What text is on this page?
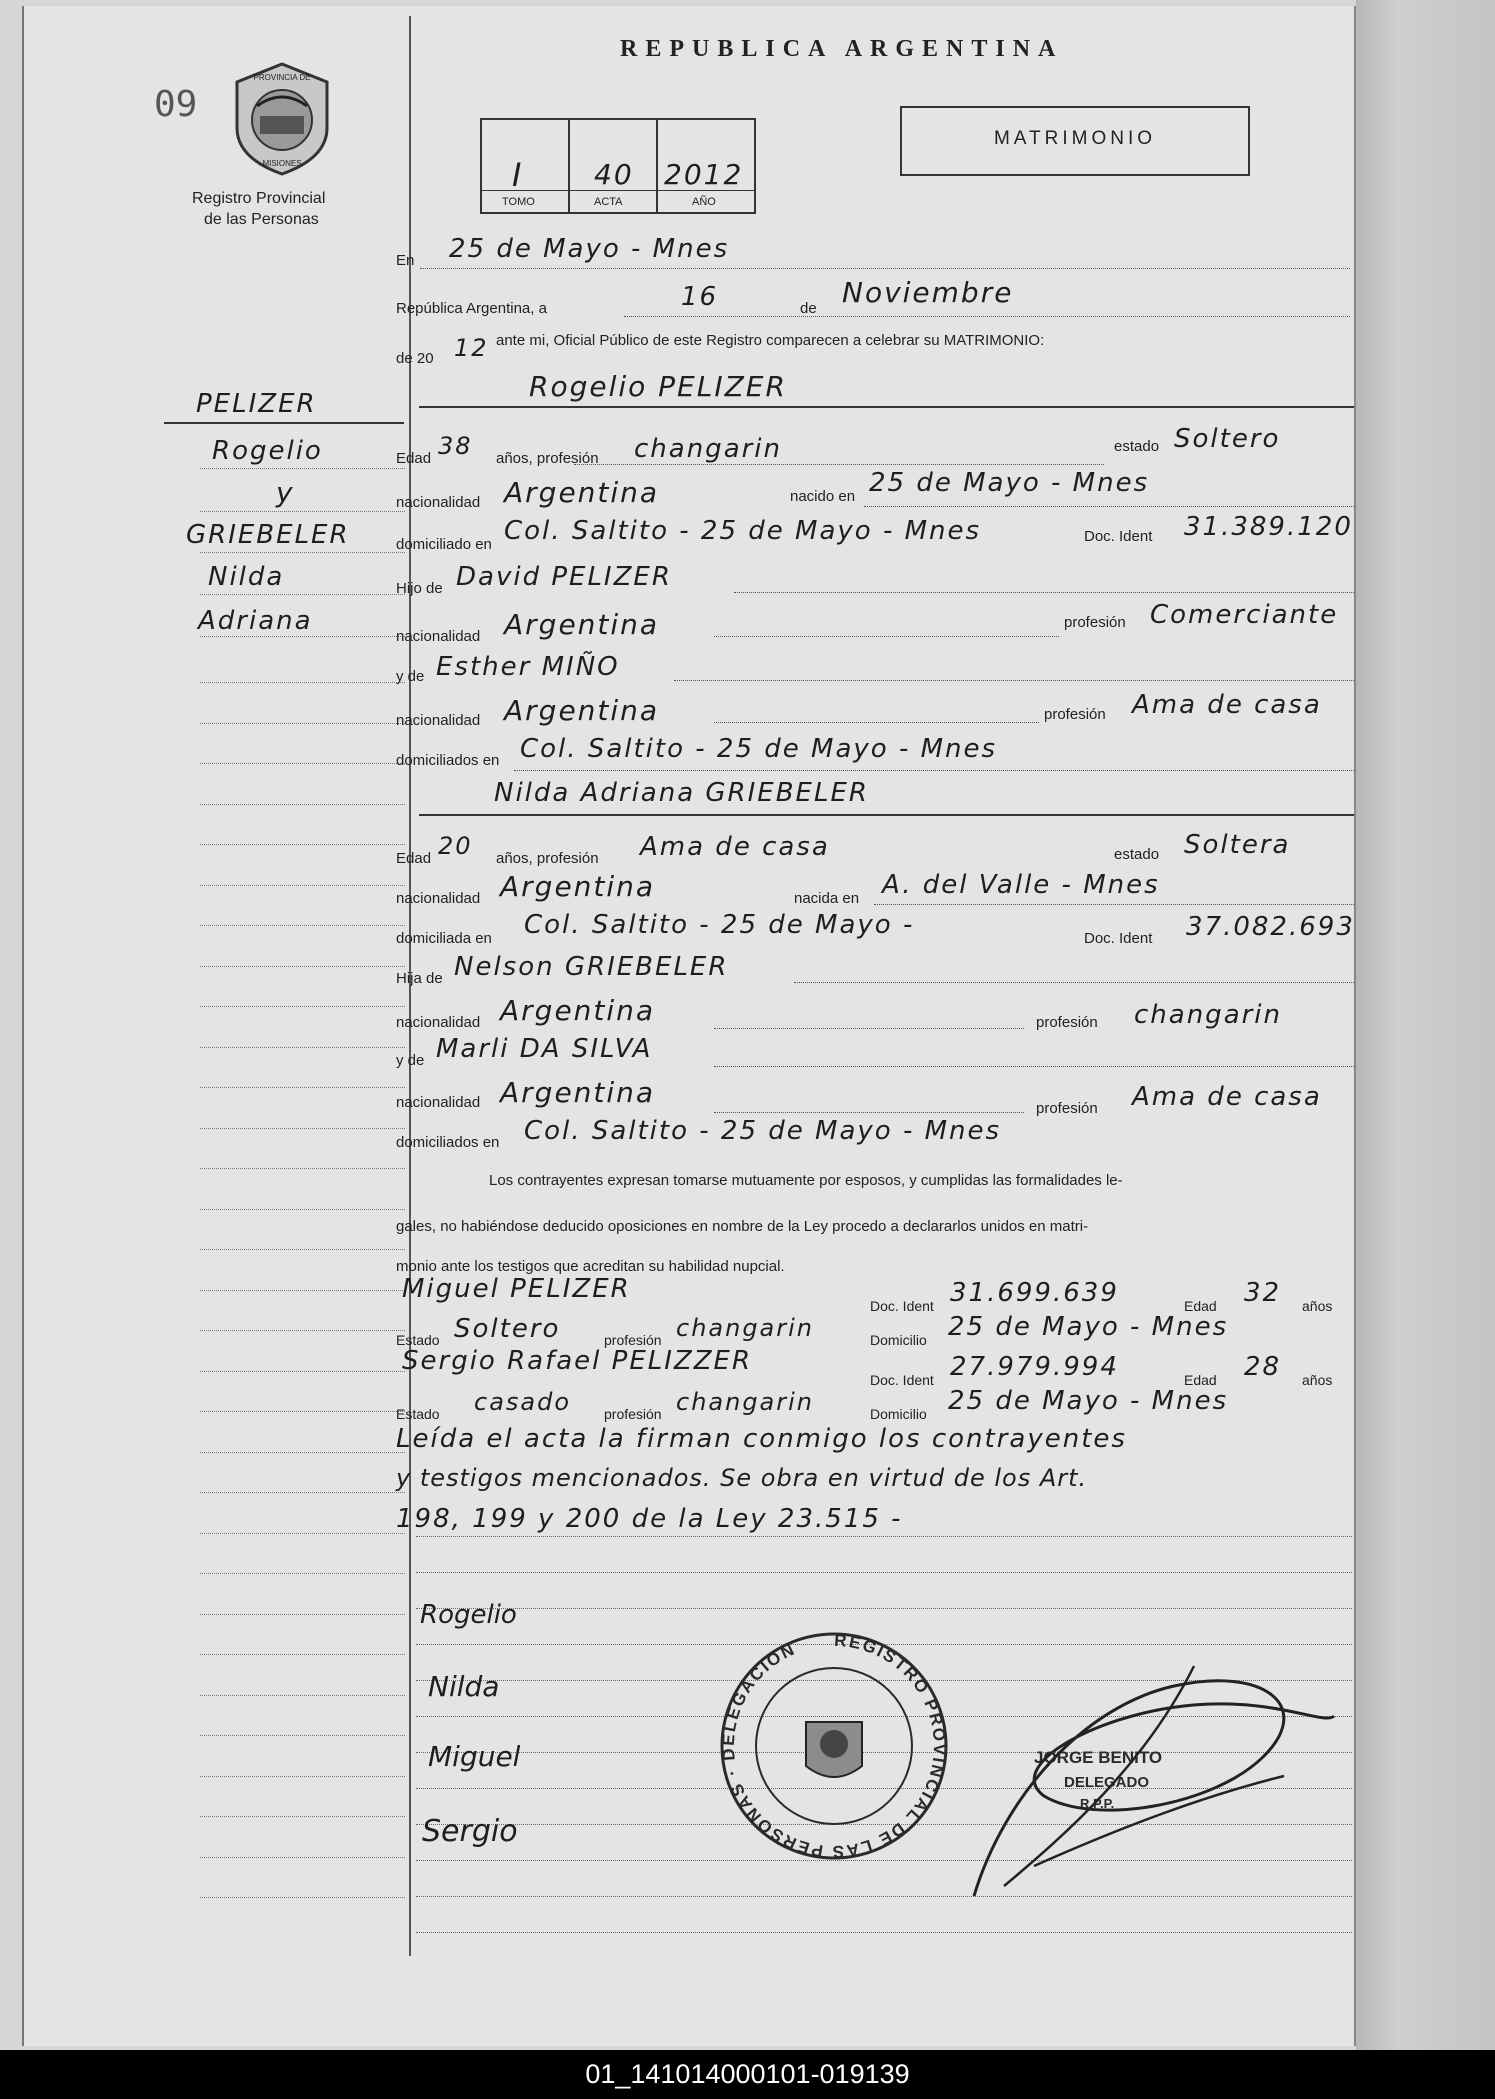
09
PROVINCIA DE
MISIONES
Registro Provincial
de las Personas
REPUBLICA ARGENTINA
I
TOMO
40
ACTA
2012
AÑO
MATRIMONIO
PELIZER
Rogelio
y
GRIEBELER
Nilda
Adriana
En 25 de Mayo - Mnes
República Argentina, a	16	de Noviembre
de 20 12 ante mi, Oficial Público de este Registro comparecen a celebrar su MATRIMONIO:
Rogelio PELIZER
Edad 38 años, profesión changarin	estado Soltero
nacionalidad Argentina	nacido en 25 de Mayo - Mnes
domiciliado en Col. Saltito - 25 de Mayo - Mnes	Doc. Ident 31.389.120
Hijo de David PELIZER
nacionalidad Argentina	profesión Comerciante
y de Esther MIÑO
nacionalidad Argentina	profesión Ama de casa
domiciliados en Col. Saltito - 25 de Mayo - Mnes
Nilda Adriana GRIEBELER
Edad 20 años, profesión Ama de casa	estado Soltera
nacionalidad Argentina	nacida en A. del Valle - Mnes
domiciliada en Col. Saltito - 25 de Mayo -	Doc. Ident 37.082.693
Hija de Nelson GRIEBELER
nacionalidad Argentina	profesión changarin
y de Marli DA SILVA
nacionalidad Argentina	profesión Ama de casa
domiciliados en Col. Saltito - 25 de Mayo - Mnes
Los contrayentes expresan tomarse mutuamente por esposos, y cumplidas las formalidades le-
gales, no habiéndose deducido oposiciones en nombre de la Ley procedo a declararlos unidos en matri-
monio ante los testigos que acreditan su habilidad nupcial.
Miguel PELIZER
Doc. Ident 31.699.639	Edad 32 años
Estado Soltero	profesión changarin	Domicilio 25 de Mayo - Mnes
Sergio Rafael PELIZZER
Doc. Ident 27.979.994	Edad 28 años
Estado casado profesión changarin	Domicilio 25 de Mayo - Mnes
Leída el acta la firman conmigo los contrayentes
y testigos mencionados. Se obra en virtud de los Art.
198, 199 y 200 de la Ley 23.515 -
Rogelio
Nilda
Miguel
Sergio
REGISTRO PROVINCIAL DE LAS PERSONAS · DELEGACION
JORGE BENITO
DELEGADO
R.P.P.
01_141014000101-019139
